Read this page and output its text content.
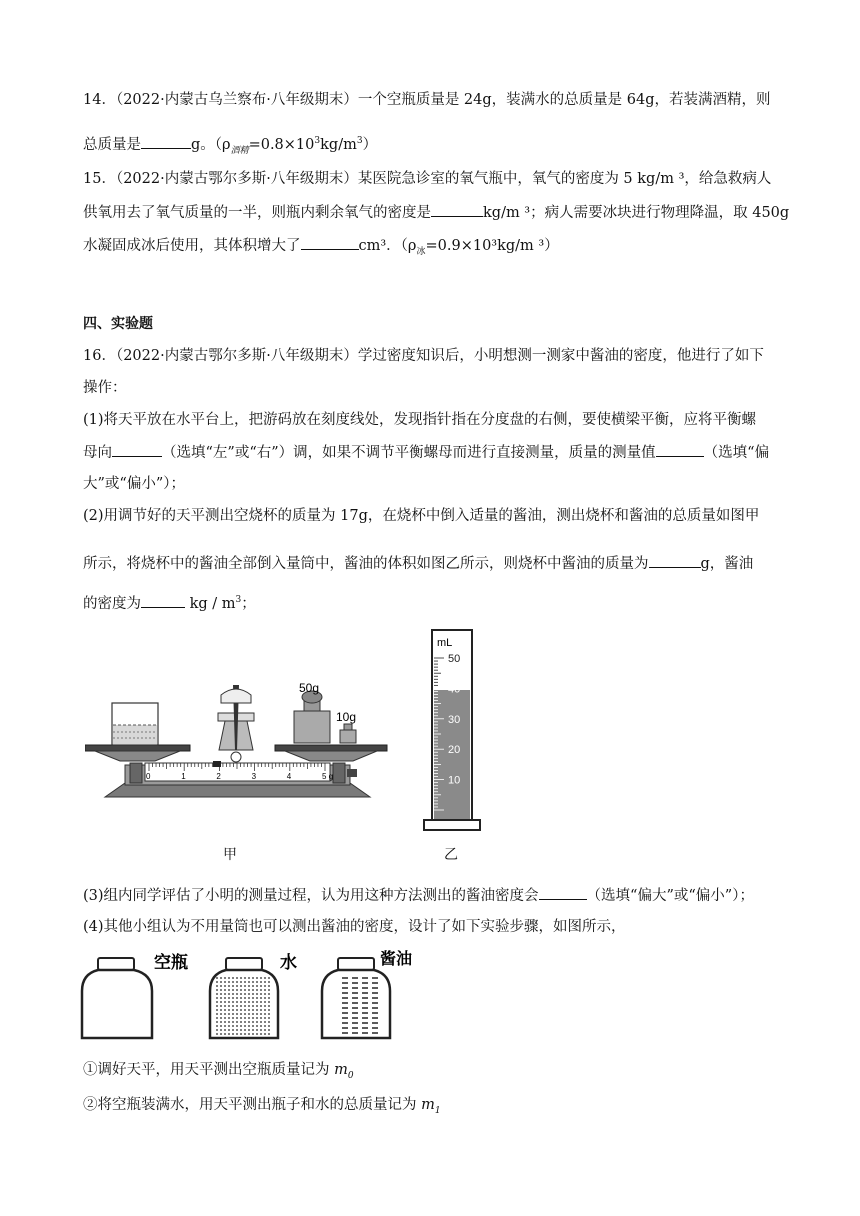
14．（2022·内蒙古乌兰察布·八年级期末）一个空瓶质量是 24g，装满水的总质量是 64g，若装满酒精，则
总质量是	g。$(\rho_{酒精}=0.8\times 10^3kg/m^3)$
15．（2022·内蒙古鄂尔多斯·八年级期末）某医院急诊室的氧气瓶中，氧气的密度为 5 kg/m ³，给急救病人
供氧用去了氧气质量的一半，则瓶内剩余氧气的密度是	kg/m ³；病人需要冰块进行物理降温，取 450g
水凝固成冰后使用，其体积增大了	cm³．（$\rho_冰=0.9\times 10^3kg/m$ ³）
四、实验题
16．（2022·内蒙古鄂尔多斯·八年级期末）学过密度知识后，小明想测一测家中酱油的密度，他进行了如下
操作：
(1)将天平放在水平台上，把游码放在刻度线处，发现指针指在分度盘的右侧，要使横梁平衡，应将平衡螺
母向	（选填“左”或“右”）调，如果不调节平衡螺母而进行直接测量，质量的测量值	（选填“偏
大”或“偏小”）；
(2)用调节好的天平测出空烧杯的质量为 17g，在烧杯中倒入适量的酱油，测出烧杯和酱油的总质量如图甲
所示，将烧杯中的酱油全部倒入量筒中，酱油的体积如图乙所示，则烧杯中酱油的质量为	g，酱油
的密度为	kg / $m^3$；
50g
10g
0	1	2	3	4	5 g
甲
mL
50
40
30
20
10
乙
(3)组内同学评估了小明的测量过程，认为用这种方法测出的酱油密度会	（选填“偏大”或“偏小”）；
(4)其他小组认为不用量筒也可以测出酱油的密度，设计了如下实验步骤，如图所示，
空瓶	水	酱油
①调好天平，用天平测出空瓶质量记为 $m_0$
②将空瓶装满水，用天平测出瓶子和水的总质量记为 $m_1$
